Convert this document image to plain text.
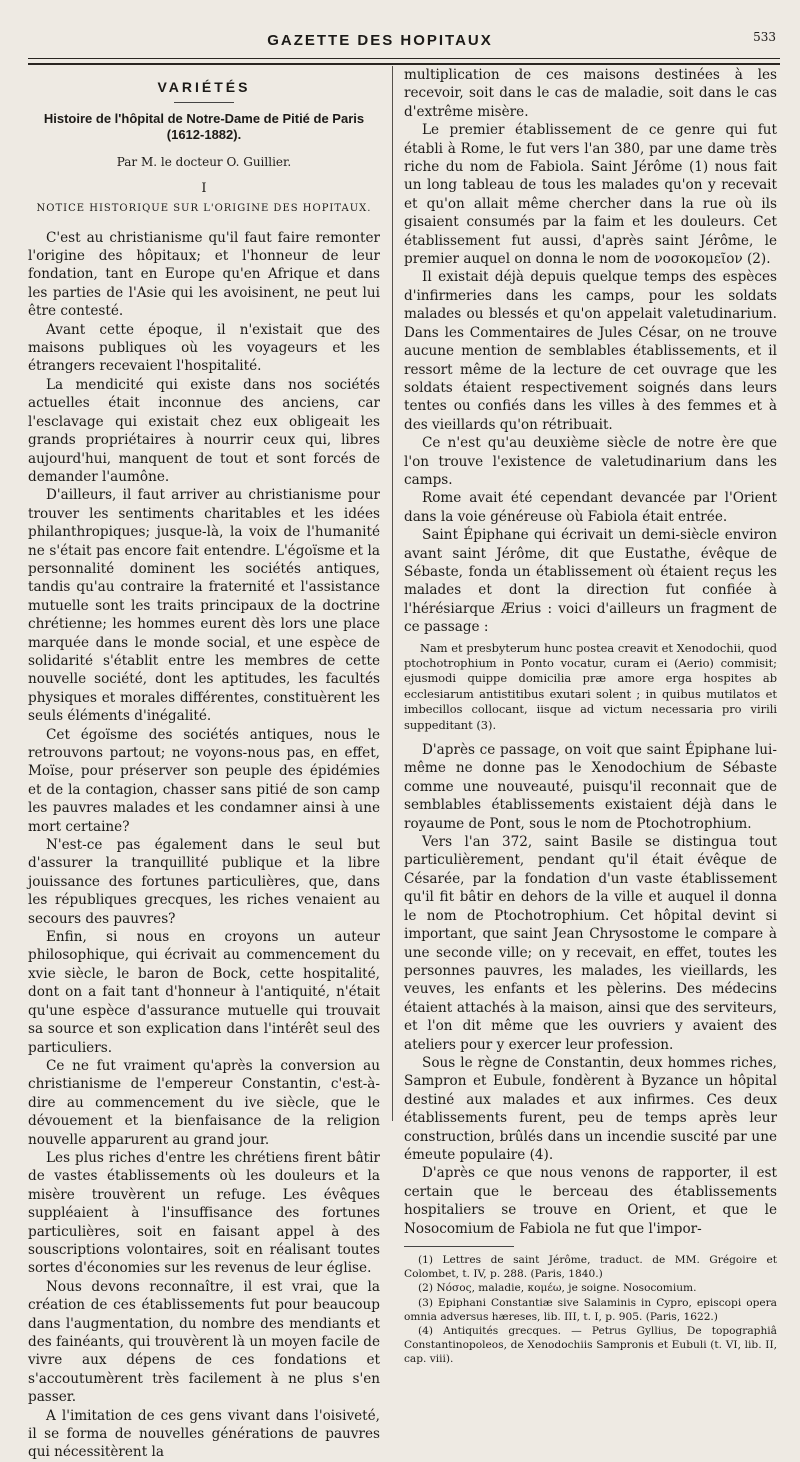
GAZETTE DES HOPITAUX	533
VARIÉTÉS
Histoire de l'hôpital de Notre-Dame de Pitié de Paris (1612-1882).
Par M. le docteur O. Guillier.
I
NOTICE HISTORIQUE SUR L'ORIGINE DES HOPITAUX.

C'est au christianisme qu'il faut faire remonter l'origine des hôpitaux; et l'honneur de leur fondation, tant en Europe qu'en Afrique et dans les parties de l'Asie qui les avoisinent, ne peut lui être contesté.

Avant cette époque, il n'existait que des maisons publiques où les voyageurs et les étrangers recevaient l'hospitalité.

La mendicité qui existe dans nos sociétés actuelles était inconnue des anciens, car l'esclavage qui existait chez eux obligeait les grands propriétaires à nourrir ceux qui, libres aujourd'hui, manquent de tout et sont forcés de demander l'aumône.

D'ailleurs, il faut arriver au christianisme pour trouver les sentiments charitables et les idées philanthropiques; jusque-là, la voix de l'humanité ne s'était pas encore fait entendre. L'égoïsme et la personnalité dominent les sociétés antiques, tandis qu'au contraire la fraternité et l'assistance mutuelle sont les traits principaux de la doctrine chrétienne; les hommes eurent dès lors une place marquée dans le monde social, et une espèce de solidarité s'établit entre les membres de cette nouvelle société, dont les aptitudes, les facultés physiques et morales différentes, constituèrent les seuls éléments d'inégalité.

Cet égoïsme des sociétés antiques, nous le retrouvons partout; ne voyons-nous pas, en effet, Moïse, pour préserver son peuple des épidémies et de la contagion, chasser sans pitié de son camp les pauvres malades et les condamner ainsi à une mort certaine?

N'est-ce pas également dans le seul but d'assurer la tranquillité publique et la libre jouissance des fortunes particulières, que, dans les républiques grecques, les riches venaient au secours des pauvres?

Enfin, si nous en croyons un auteur philosophique, qui écrivait au commencement du xvie siècle, le baron de Bock, cette hospitalité, dont on a fait tant d'honneur à l'antiquité, n'était qu'une espèce d'assurance mutuelle qui trouvait sa source et son explication dans l'intérêt seul des particuliers.

Ce ne fut vraiment qu'après la conversion au christianisme de l'empereur Constantin, c'est-à-dire au commencement du ive siècle, que le dévouement et la bienfaisance de la religion nouvelle apparurent au grand jour.

Les plus riches d'entre les chrétiens firent bâtir de vastes établissements où les douleurs et la misère trouvèrent un refuge. Les évêques suppléaient à l'insuffisance des fortunes particulières, soit en faisant appel à des souscriptions volontaires, soit en réalisant toutes sortes d'économies sur les revenus de leur église.

Nous devons reconnaître, il est vrai, que la création de ces établissements fut pour beaucoup dans l'augmentation, du nombre des mendiants et des fainéants, qui trouvèrent là un moyen facile de vivre aux dépens de ces fondations et s'accoutumèrent très facilement à ne plus s'en passer.

A l'imitation de ces gens vivant dans l'oisiveté, il se forma de nouvelles générations de pauvres qui nécessitèrent la

multiplication de ces maisons destinées à les recevoir, soit dans le cas de maladie, soit dans le cas d'extrême misère.

Le premier établissement de ce genre qui fut établi à Rome, le fut vers l'an 380, par une dame très riche du nom de Fabiola. Saint Jérôme (1) nous fait un long tableau de tous les malades qu'on y recevait et qu'on allait même chercher dans la rue où ils gisaient consumés par la faim et les douleurs. Cet établissement fut aussi, d'après saint Jérôme, le premier auquel on donna le nom de νοσοκομεῖον (2).

Il existait déjà depuis quelque temps des espèces d'infirmeries dans les camps, pour les soldats malades ou blessés et qu'on appelait valetudinarium. Dans les Commentaires de Jules César, on ne trouve aucune mention de semblables établissements, et il ressort même de la lecture de cet ouvrage que les soldats étaient respectivement soignés dans leurs tentes ou confiés dans les villes à des femmes et à des vieillards qu'on rétribuait.

Ce n'est qu'au deuxième siècle de notre ère que l'on trouve l'existence de valetudinarium dans les camps.

Rome avait été cependant devancée par l'Orient dans la voie généreuse où Fabiola était entrée.

Saint Épiphane qui écrivait un demi-siècle environ avant saint Jérôme, dit que Eustathe, évêque de Sébaste, fonda un établissement où étaient reçus les malades et dont la direction fut confiée à l'hérésiarque Ærius : voici d'ailleurs un fragment de ce passage :

Nam et presbyterum hunc postea creavit et Xenodochii, quod ptochotrophium in Ponto vocatur, curam ei (Aerio) commisit; ejusmodi quippe domicilia præ amore erga hospites ab ecclesiarum antistitibus exutari solent ; in quibus mutilatos et imbecillos collocant, iisque ad victum necessaria pro virili suppeditant (3).

D'après ce passage, on voit que saint Épiphane lui-même ne donne pas le Xenodochium de Sébaste comme une nouveauté, puisqu'il reconnait que de semblables établissements existaient déjà dans le royaume de Pont, sous le nom de Ptochotrophium.

Vers l'an 372, saint Basile se distingua tout particulièrement, pendant qu'il était évêque de Césarée, par la fondation d'un vaste établissement qu'il fit bâtir en dehors de la ville et auquel il donna le nom de Ptochotrophium. Cet hôpital devint si important, que saint Jean Chrysostome le compare à une seconde ville; on y recevait, en effet, toutes les personnes pauvres, les malades, les vieillards, les veuves, les enfants et les pèlerins. Des médecins étaient attachés à la maison, ainsi que des serviteurs, et l'on dit même que les ouvriers y avaient des ateliers pour y exercer leur profession.

Sous le règne de Constantin, deux hommes riches, Sampron et Eubule, fondèrent à Byzance un hôpital destiné aux malades et aux infirmes. Ces deux établissements furent, peu de temps après leur construction, brûlés dans un incendie suscité par une émeute populaire (4).

D'après ce que nous venons de rapporter, il est certain que le berceau des établissements hospitaliers se trouve en Orient, et que le Nosocomium de Fabiola ne fut que l'impor-

(1) Lettres de saint Jérôme, traduct. de MM. Grégoire et Colombet, t. IV, p. 288. (Paris, 1840.)

(2) Νόσος, maladie, κομέω, je soigne. Nosocomium.

(3) Epiphani Constantiæ sive Salaminis in Cypro, episcopi opera omnia adversus hæreses, lib. III, t. I, p. 905. (Paris, 1622.)

(4) Antiquités grecques. — Petrus Gyllius, De topographiâ Constantinopoleos, de Xenodochiis Sampronis et Eubuli (t. VI, lib. II, cap. viii).
